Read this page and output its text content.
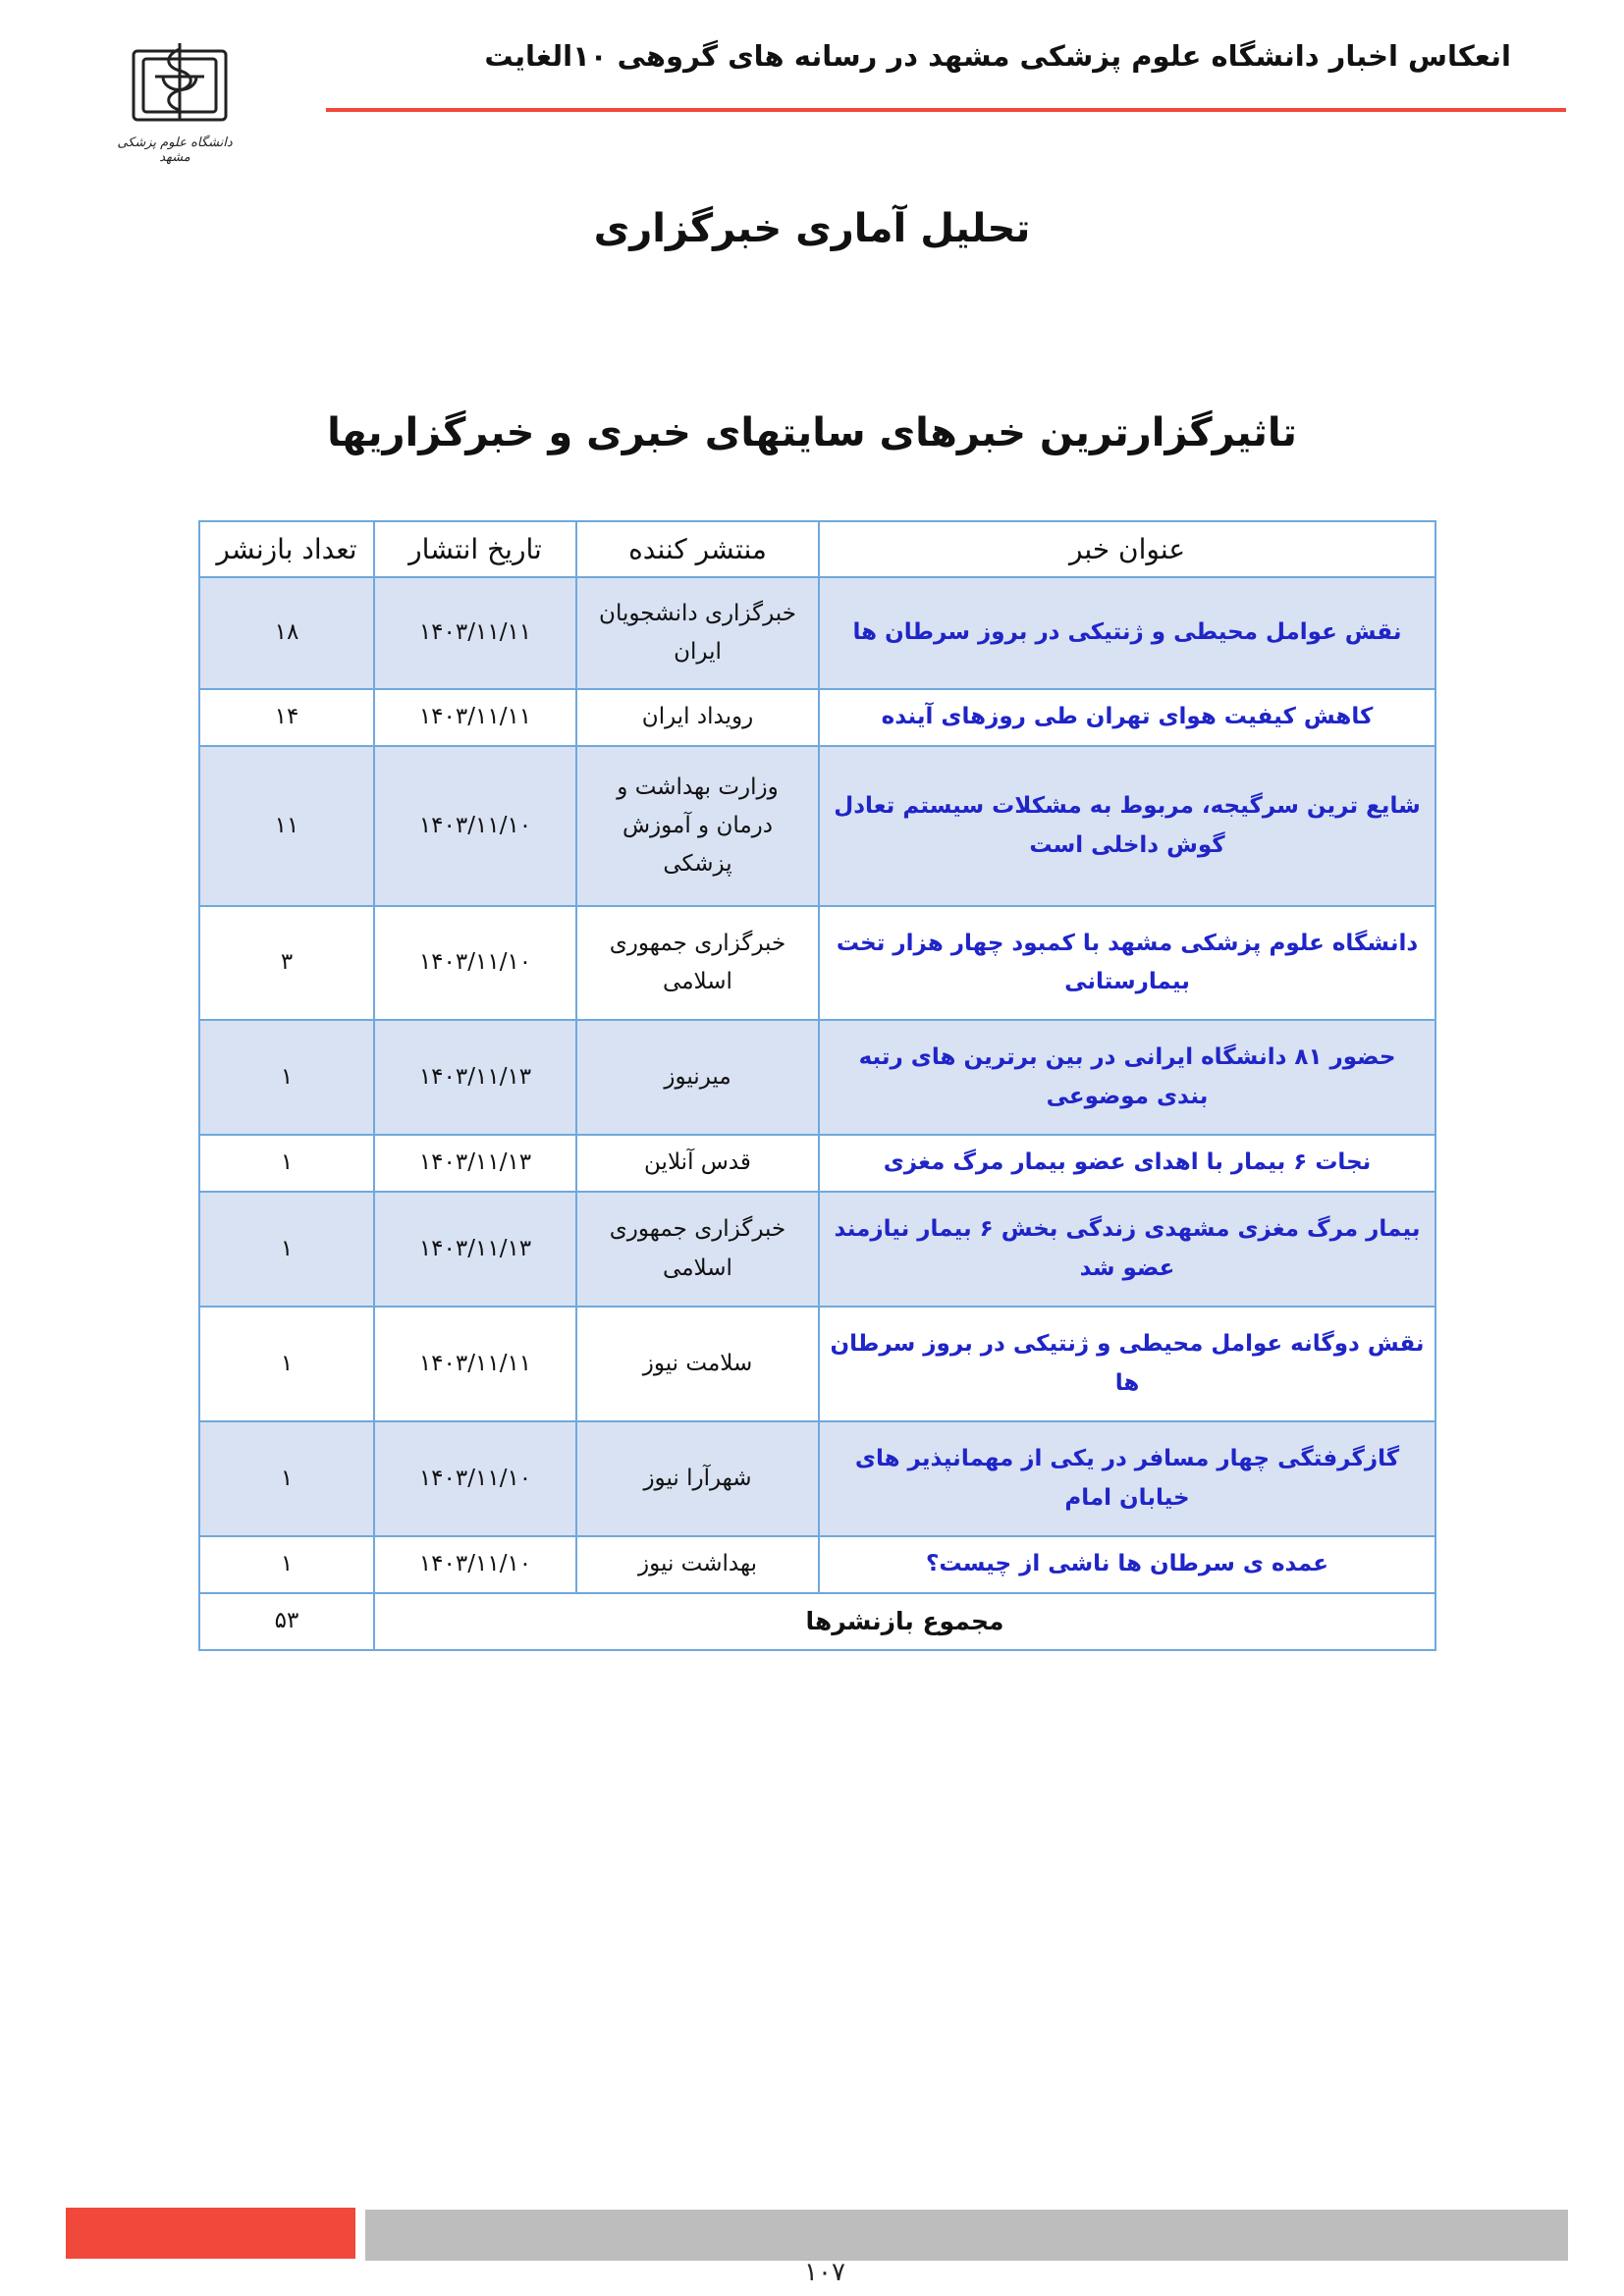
انعکاس اخبار دانشگاه علوم پزشکی مشهد در رسانه های گروهی ۱۰الغایت
دانشگاه علوم پزشکی مشهد
تحلیل آماری خبرگزاری
تاثیرگزارترین خبرهای سایتهای خبری و خبرگزاریها
عنوان خبر	منتشر کننده	تاریخ انتشار	تعداد بازنشر
نقش عوامل محیطی و ژنتیکی در بروز سرطان ها	خبرگزاری دانشجویان ایران	۱۴۰۳/۱۱/۱۱	۱۸
کاهش کیفیت هوای تهران طی روزهای آینده	رویداد ایران	۱۴۰۳/۱۱/۱۱	۱۴
شایع ترین سرگیجه، مربوط به مشکلات سیستم تعادل گوش داخلی است	وزارت بهداشت و درمان و آموزش پزشکی	۱۴۰۳/۱۱/۱۰	۱۱
دانشگاه علوم پزشکی مشهد با کمبود چهار هزار تخت بیمارستانی	خبرگزاری جمهوری اسلامی	۱۴۰۳/۱۱/۱۰	۳
حضور ۸۱ دانشگاه ایرانی در بین برترین های رتبه بندی موضوعی	میرنیوز	۱۴۰۳/۱۱/۱۳	۱
نجات ۶ بیمار با اهدای عضو بیمار مرگ مغزی	قدس آنلاین	۱۴۰۳/۱۱/۱۳	۱
بیمار مرگ مغزی مشهدی زندگی بخش ۶ بیمار نیازمند عضو شد	خبرگزاری جمهوری اسلامی	۱۴۰۳/۱۱/۱۳	۱
نقش دوگانه عوامل محیطی و ژنتیکی در بروز سرطان ها	سلامت نیوز	۱۴۰۳/۱۱/۱۱	۱
گازگرفتگی چهار مسافر در یکی از مهمانپذیر های خیابان امام	شهرآرا نیوز	۱۴۰۳/۱۱/۱۰	۱
عمده ی سرطان ها ناشی از چیست؟	بهداشت نیوز	۱۴۰۳/۱۱/۱۰	۱
مجموع بازنشرها			۵۳
۱۰۷
